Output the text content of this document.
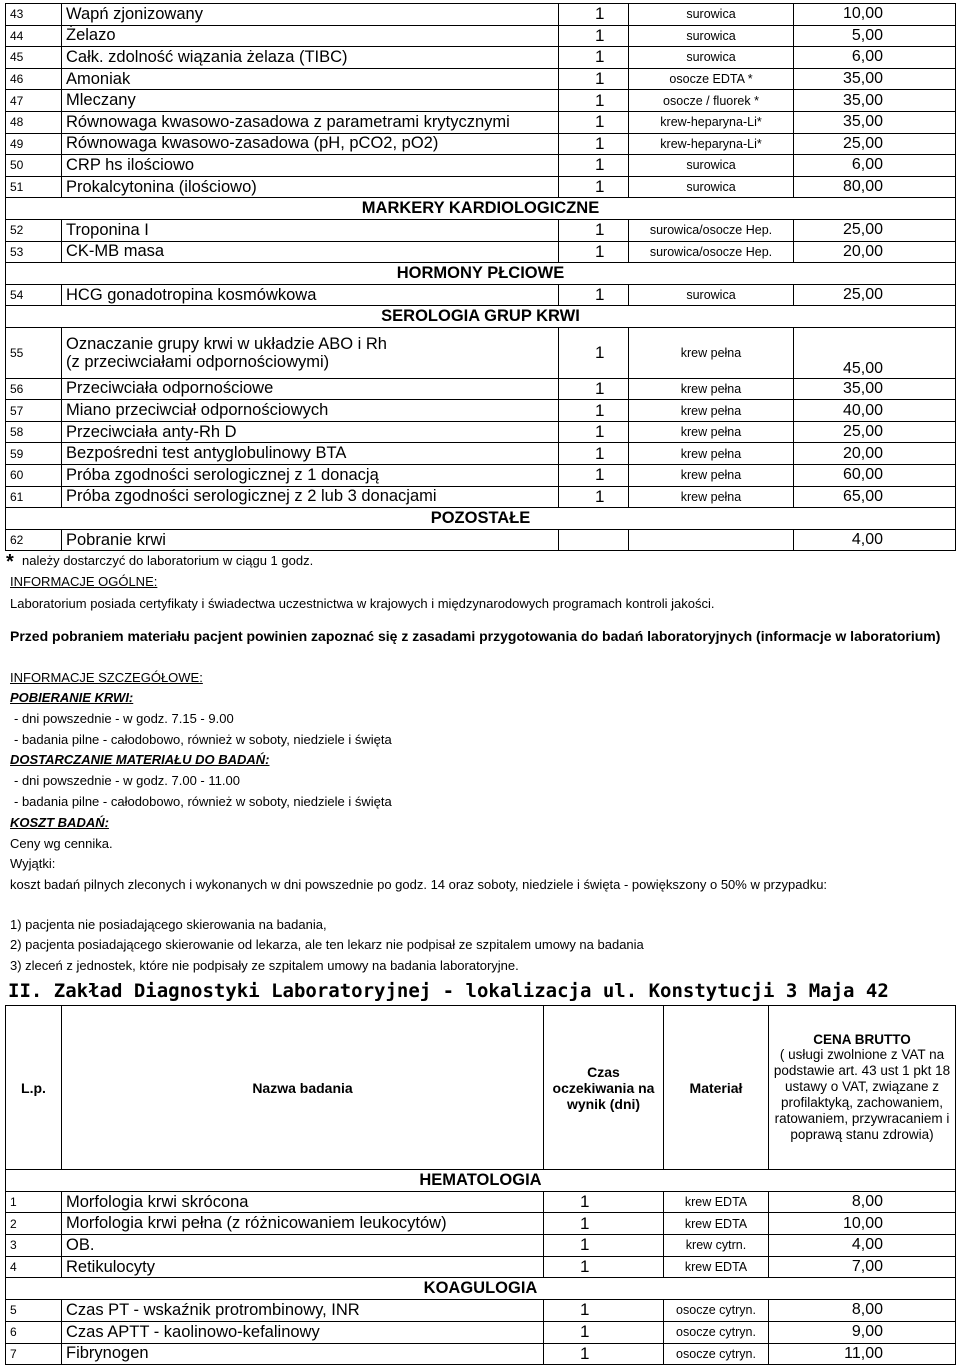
43	Wapń zjonizowany	1	surowica	10,00
44	Żelazo	1	surowica	5,00
45	Całk. zdolność wiązania żelaza (TIBC)	1	surowica	6,00
46	Amoniak	1	osocze EDTA *	35,00
47	Mleczany	1	osocze / fluorek *	35,00
48	Równowaga kwasowo-zasadowa z parametrami krytycznymi	1	krew-heparyna-Li*	35,00
49	Równowaga kwasowo-zasadowa (pH, pCO2, pO2)	1	krew-heparyna-Li*	25,00
50	CRP hs ilościowo	1	surowica	6,00
51	Prokalcytonina (ilościowo)	1	surowica	80,00
MARKERY KARDIOLOGICZNE				
52	Troponina I	1	surowica/osocze Hep.	25,00
53	CK-MB masa	1	surowica/osocze Hep.	20,00
HORMONY PŁCIOWE				
54	HCG gonadotropina kosmówkowa	1	surowica	25,00
SEROLOGIA GRUP KRWI				
55	Oznaczanie grupy krwi w układzie ABO i Rh
(z przeciwciałami odpornościowymi)	1	krew pełna	45,00
56	Przeciwciała odpornościowe	1	krew pełna	35,00
57	Miano przeciwciał odpornościowych	1	krew pełna	40,00
58	Przeciwciała anty-Rh D	1	krew pełna	25,00
59	Bezpośredni test antyglobulinowy BTA	1	krew pełna	20,00
60	Próba zgodności serologicznej z 1 donacją	1	krew pełna	60,00
61	Próba zgodności serologicznej z 2 lub 3 donacjami	1	krew pełna	65,00
POZOSTAŁE				
62	Pobranie krwi			4,00

* należy dostarczyć do laboratorium w ciągu 1 godz.

INFORMACJE OGÓLNE:

Laboratorium posiada certyfikaty i świadectwa uczestnictwa w krajowych i międzynarodowych programach kontroli jakości.

Przed pobraniem materiału pacjent powinien zapoznać się z zasadami przygotowania do badań laboratoryjnych (informacje w laboratorium)

INFORMACJE SZCZEGÓŁOWE:

POBIERANIE KRWI:

- dni powszednie - w godz. 7.15 - 9.00

- badania pilne - całodobowo, również w soboty, niedziele i święta

DOSTARCZANIE MATERIAŁU DO BADAŃ:

- dni powszednie - w godz. 7.00 - 11.00

- badania pilne - całodobowo, również w soboty, niedziele i święta

KOSZT BADAŃ:

Ceny wg cennika.

Wyjątki:

koszt badań pilnych zleconych i wykonanych w dni powszednie po godz. 14 oraz soboty, niedziele i święta - powiększony o 50% w przypadku:

1) pacjenta nie posiadającego skierowania na badania,

2) pacjenta posiadającego skierowanie od lekarza, ale ten lekarz nie podpisał ze szpitalem umowy na badania

3) zleceń z jednostek, które nie podpisały ze szpitalem umowy na badania laboratoryjne.

II. Zakład Diagnostyki Laboratoryjnej - lokalizacja ul. Konstytucji 3 Maja 42

L.p.	Nazwa badania	Czas oczekiwania na wynik (dni)	Materiał	CENA BRUTTO
( usługi zwolnione z VAT na podstawie art. 43 ust 1 pkt 18 ustawy o VAT, związane z profilaktyką, zachowaniem, ratowaniem, przywracaniem i poprawą stanu zdrowia)

HEMATOLOGIA				
1	Morfologia krwi skrócona	1	krew EDTA	8,00
2	Morfologia krwi pełna (z różnicowaniem leukocytów)	1	krew EDTA	10,00
3	OB.	1	krew cytrn.	4,00
4	Retikulocyty	1	krew EDTA	7,00
KOAGULOGIA				
5	Czas PT - wskaźnik protrombinowy, INR	1	osocze cytryn.	8,00
6	Czas APTT - kaolinowo-kefalinowy	1	osocze cytryn.	9,00
7	Fibrynogen	1	osocze cytryn.	11,00
